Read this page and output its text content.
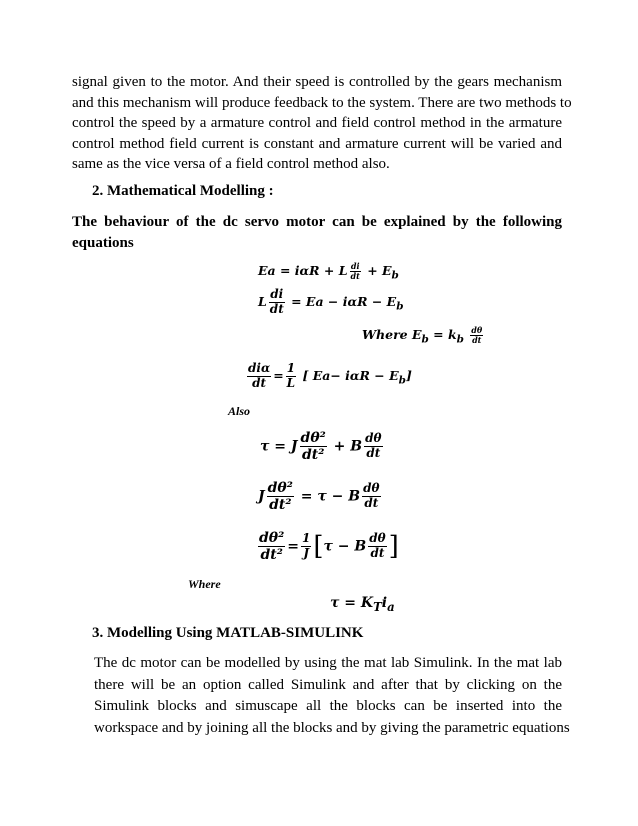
signal given to the motor. And their speed is controlled by the gears mechanism
and this mechanism will produce feedback to the system. There are two methods to
control the speed by a armature control and field control method in the armature
control method field current is constant and armature current will be varied and
same as the vice versa of a field control method also.
2. Mathematical Modelling :
The behaviour of the dc servo motor can be explained by the following
equations
Ea = iαR + L $\frac{di}{dt} + E_b$
L $\frac{di}{dt} = Ea - i\alpha R - E_b$
Where $E_b = k_b \frac{d\theta}{dt}$
$\frac{\text{diα}}{dt} = \frac{1}{L}$ [ $Ea- i\alpha R - E_b$]
Also
τ = J $\frac{\text{dθ²}}{\text{dt²}} + B \frac{d\theta}{dt}$
J $\frac{\text{dθ²}}{\text{dt²}} = \tau - B \frac{d\theta}{dt}$
$\frac{\text{dθ²}}{\text{dt²}} = \frac{1}{J} [\tau - B \frac{d\theta}{dt}$ ]
Where
$\tau = K_Ti_a$
3. Modelling Using MATLAB-SIMULINK
The dc motor can be modelled by using the mat lab Simulink. In the mat lab
there will be an option called Simulink and after that by clicking on the
Simulink blocks and simuscape all the blocks can be inserted into the
workspace and by joining all the blocks and by giving the parametric equations
